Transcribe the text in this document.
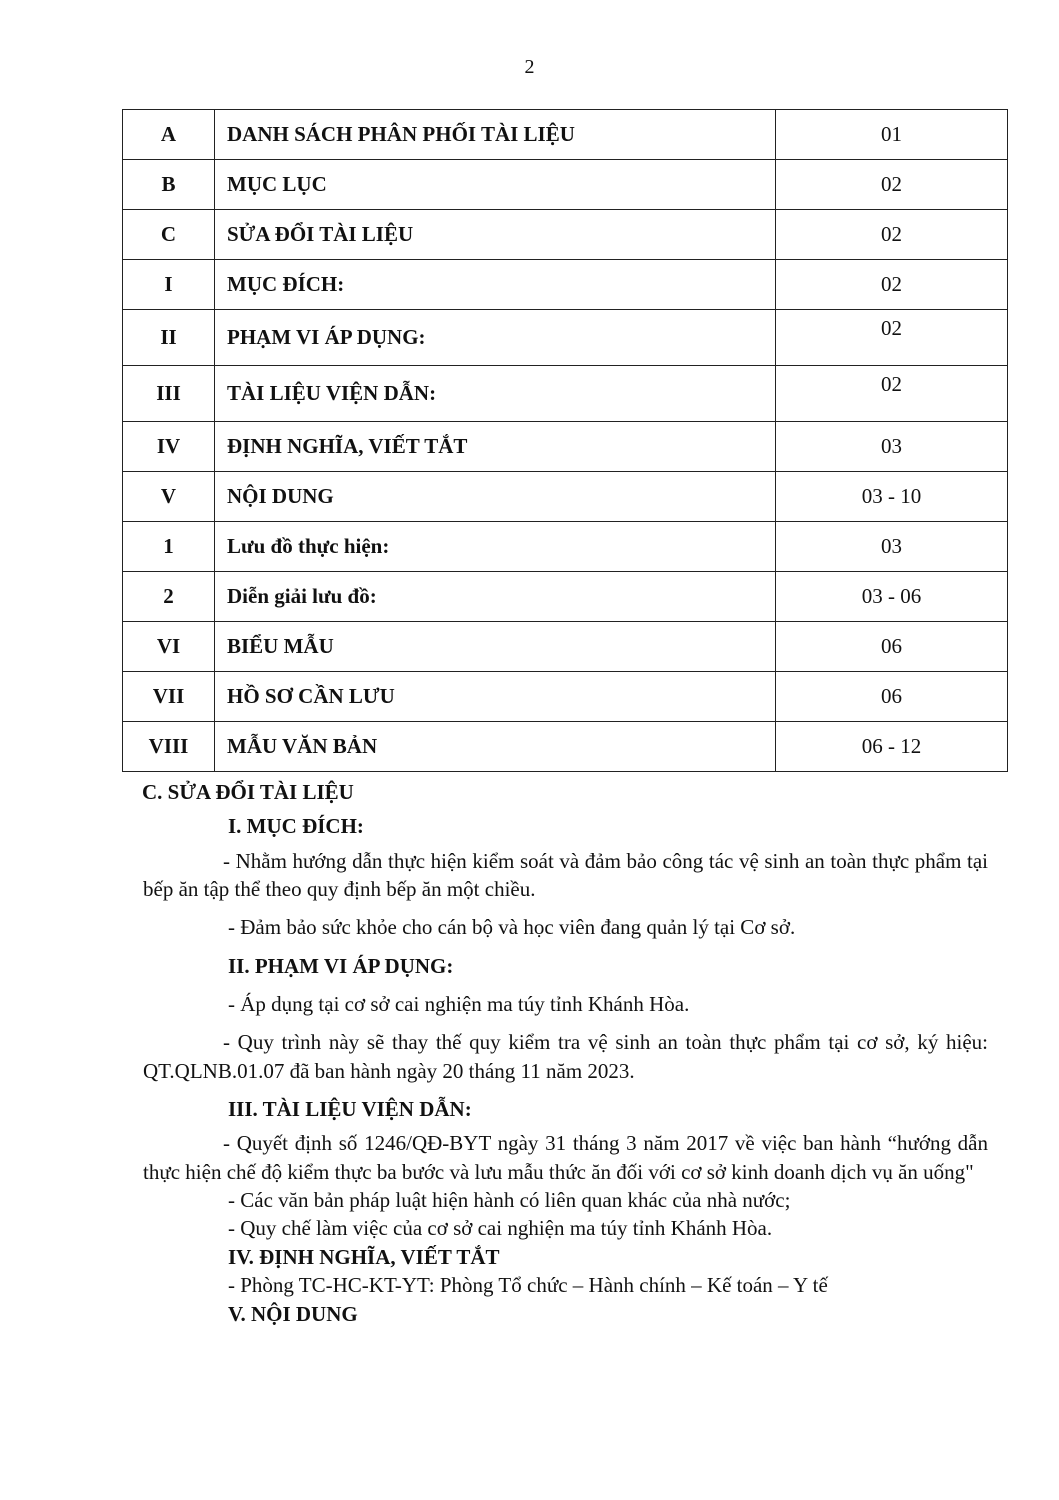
2
A	DANH SÁCH PHÂN PHỐI TÀI LIỆU	01
B	MỤC LỤC	02
C	SỬA ĐỔI TÀI LIỆU	02
I	MỤC ĐÍCH:	02
II	PHẠM VI ÁP DỤNG:	02
III	TÀI LIỆU VIỆN DẪN:	02
IV	ĐỊNH NGHĨA, VIẾT TẮT	03
V	NỘI DUNG	03 - 10
1	Lưu đồ thực hiện:	03
2	Diễn giải lưu đồ:	03 - 06
VI	BIỂU MẪU	06
VII	HỒ SƠ CẦN LƯU	06
VIII	MẪU VĂN BẢN	06 - 12

C. SỬA ĐỔI TÀI LIỆU

I. MỤC ĐÍCH:

- Nhằm hướng dẫn thực hiện kiểm soát và đảm bảo công tác vệ sinh an toàn thực phẩm tại bếp ăn tập thể theo quy định bếp ăn một chiều.

- Đảm bảo sức khỏe cho cán bộ và học viên đang quản lý tại Cơ sở.

II. PHẠM VI ÁP DỤNG:

- Áp dụng tại cơ sở cai nghiện ma túy tỉnh Khánh Hòa.

- Quy trình này sẽ thay thế quy kiểm tra vệ sinh an toàn thực phẩm tại cơ sở, ký hiệu: QT.QLNB.01.07 đã ban hành ngày 20 tháng 11 năm 2023.

III. TÀI LIỆU VIỆN DẪN:

- Quyết định số 1246/QĐ-BYT ngày 31 tháng 3 năm 2017 về việc ban hành “hướng dẫn thực hiện chế độ kiểm thực ba bước và lưu mẫu thức ăn đối với cơ sở kinh doanh dịch vụ ăn uống"

- Các văn bản pháp luật hiện hành có liên quan khác của nhà nước;

- Quy chế làm việc của cơ sở cai nghiện ma túy tỉnh Khánh Hòa.

IV. ĐỊNH NGHĨA, VIẾT TẮT

- Phòng TC-HC-KT-YT: Phòng Tổ chức – Hành chính – Kế toán – Y tế

V. NỘI DUNG
